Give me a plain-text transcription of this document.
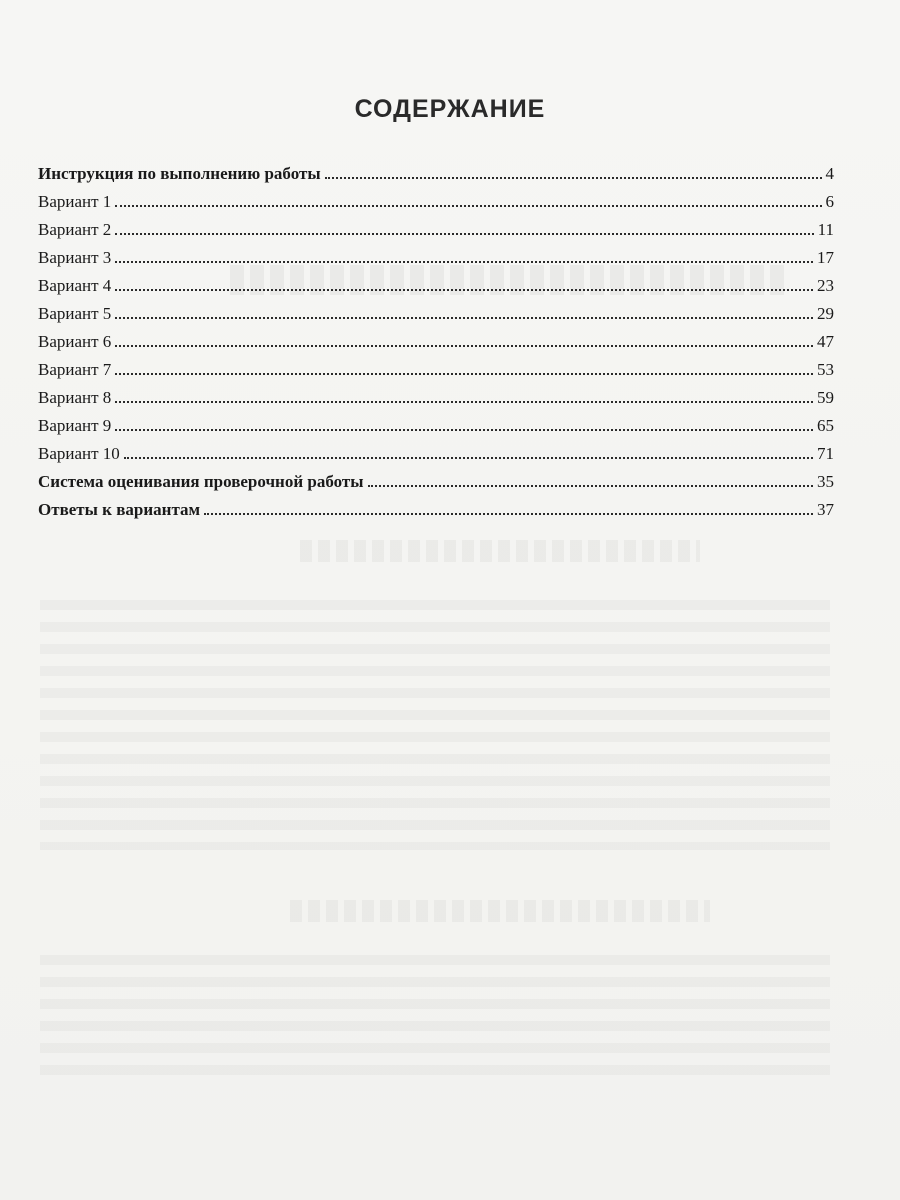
СОДЕРЖАНИЕ
Инструкция по выполнению работы	4
Вариант 1	6
Вариант 2	11
Вариант 3	17
Вариант 4	23
Вариант 5	29
Вариант 6	47
Вариант 7	53
Вариант 8	59
Вариант 9	65
Вариант 10	71
Система оценивания проверочной работы	35
Ответы к вариантам	37
